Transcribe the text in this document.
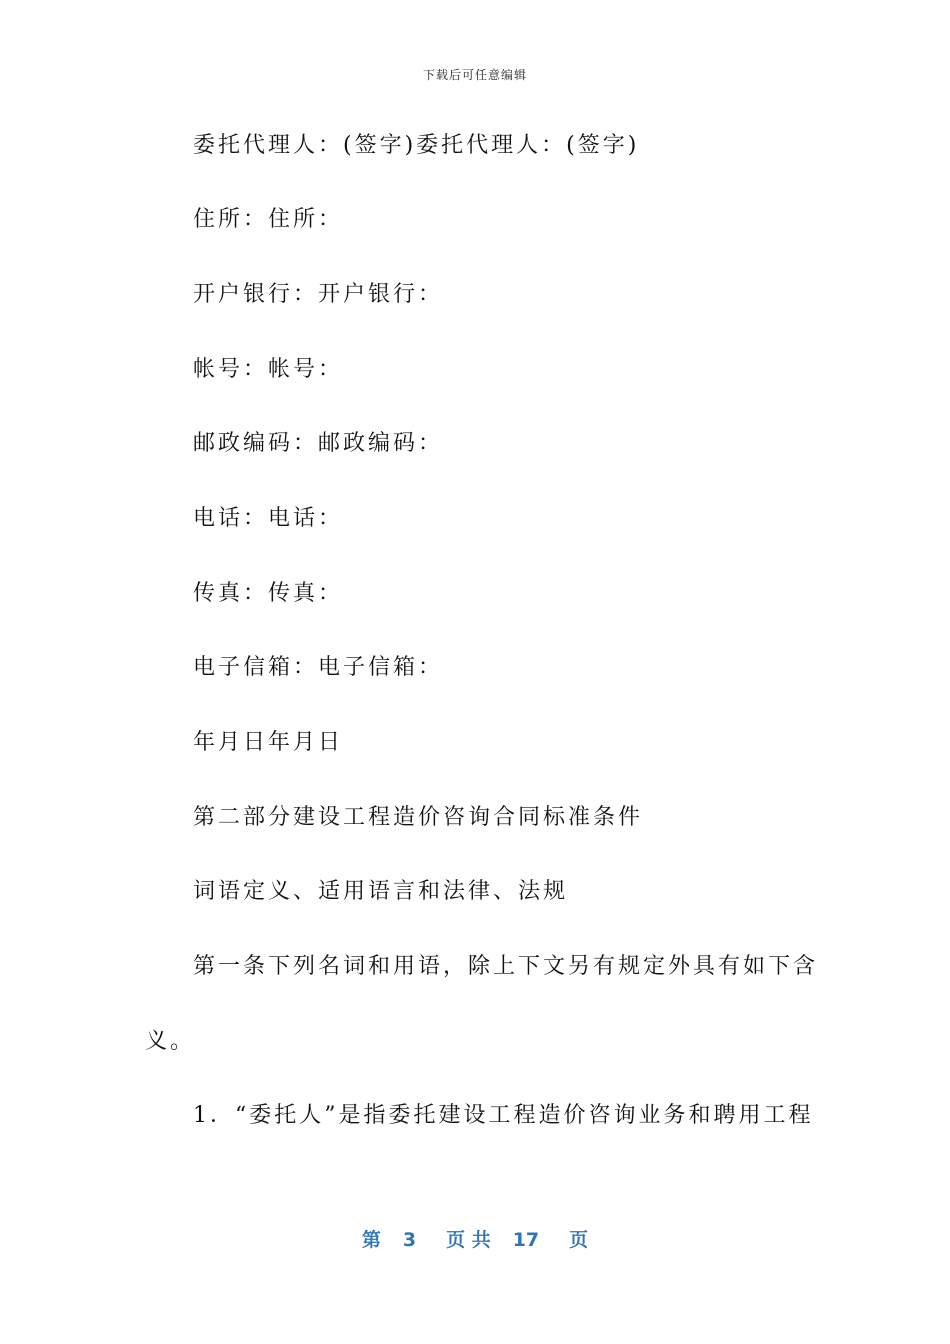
下载后可任意编辑
委托代理人：(签字)委托代理人：(签字)
住所：住所：
开户银行：开户银行：
帐号：帐号：
邮政编码：邮政编码：
电话：电话：
传真：传真：
电子信箱：电子信箱：
年月日年月日
第二部分建设工程造价咨询合同标准条件
词语定义、适用语言和法律、法规
第一条下列名词和用语，除上下文另有规定外具有如下含
义。
1．“委托人”是指委托建设工程造价咨询业务和聘用工程
第 3 页 共 17 页
